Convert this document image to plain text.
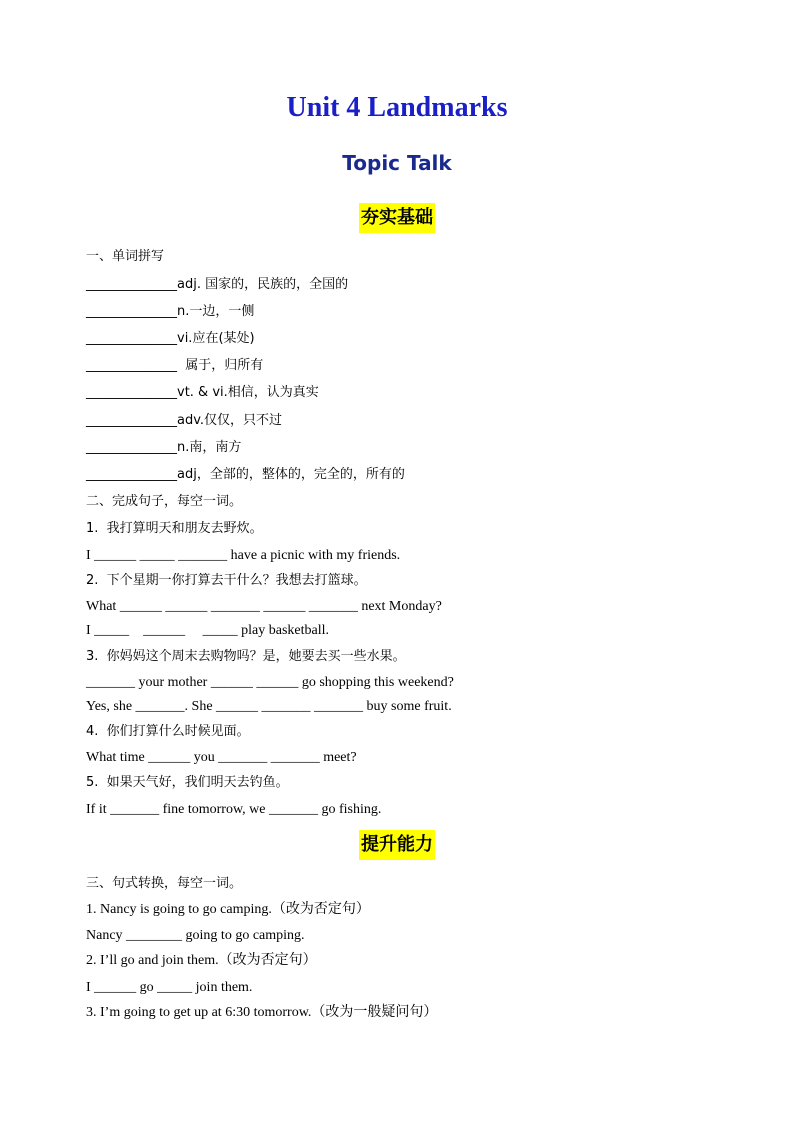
Unit 4 Landmarks
Topic Talk
夯实基础
一、单词拼写
______________adj. 国家的，民族的，全国的
______________n.一边，一侧
______________vi.应在(某处)
______________  属于，归所有
______________vt. & vi.相信，认为真实
______________adv.仅仅，只不过
______________n.南，南方
______________adj，全部的，整体的，完全的，所有的
二、完成句子，每空一词。
1.  我打算明天和朋友去野炊。
I ______ _____ _______ have a picnic with my friends.
2.  下个星期一你打算去干什么？我想去打篮球。
What ______ ______ _______ ______ _______ next Monday?
I _____    ______     _____ play basketball.
3.  你妈妈这个周末去购物吗？是，她要去买一些水果。
_______ your mother ______ ______ go shopping this weekend?
Yes, she _______. She ______ _______ _______ buy some fruit.
4.  你们打算什么时候见面。
What time ______ you _______ _______ meet?
5.  如果天气好，我们明天去钓鱼。
If it _______ fine tomorrow, we _______ go fishing.
提升能力
三、句式转换，每空一词。
1. Nancy is going to go camping.（改为否定句）
Nancy ________ going to go camping.
2. I’ll go and join them.（改为否定句）
I ______ go _____ join them.
3. I’m going to get up at 6:30 tomorrow.（改为一般疑问句）
